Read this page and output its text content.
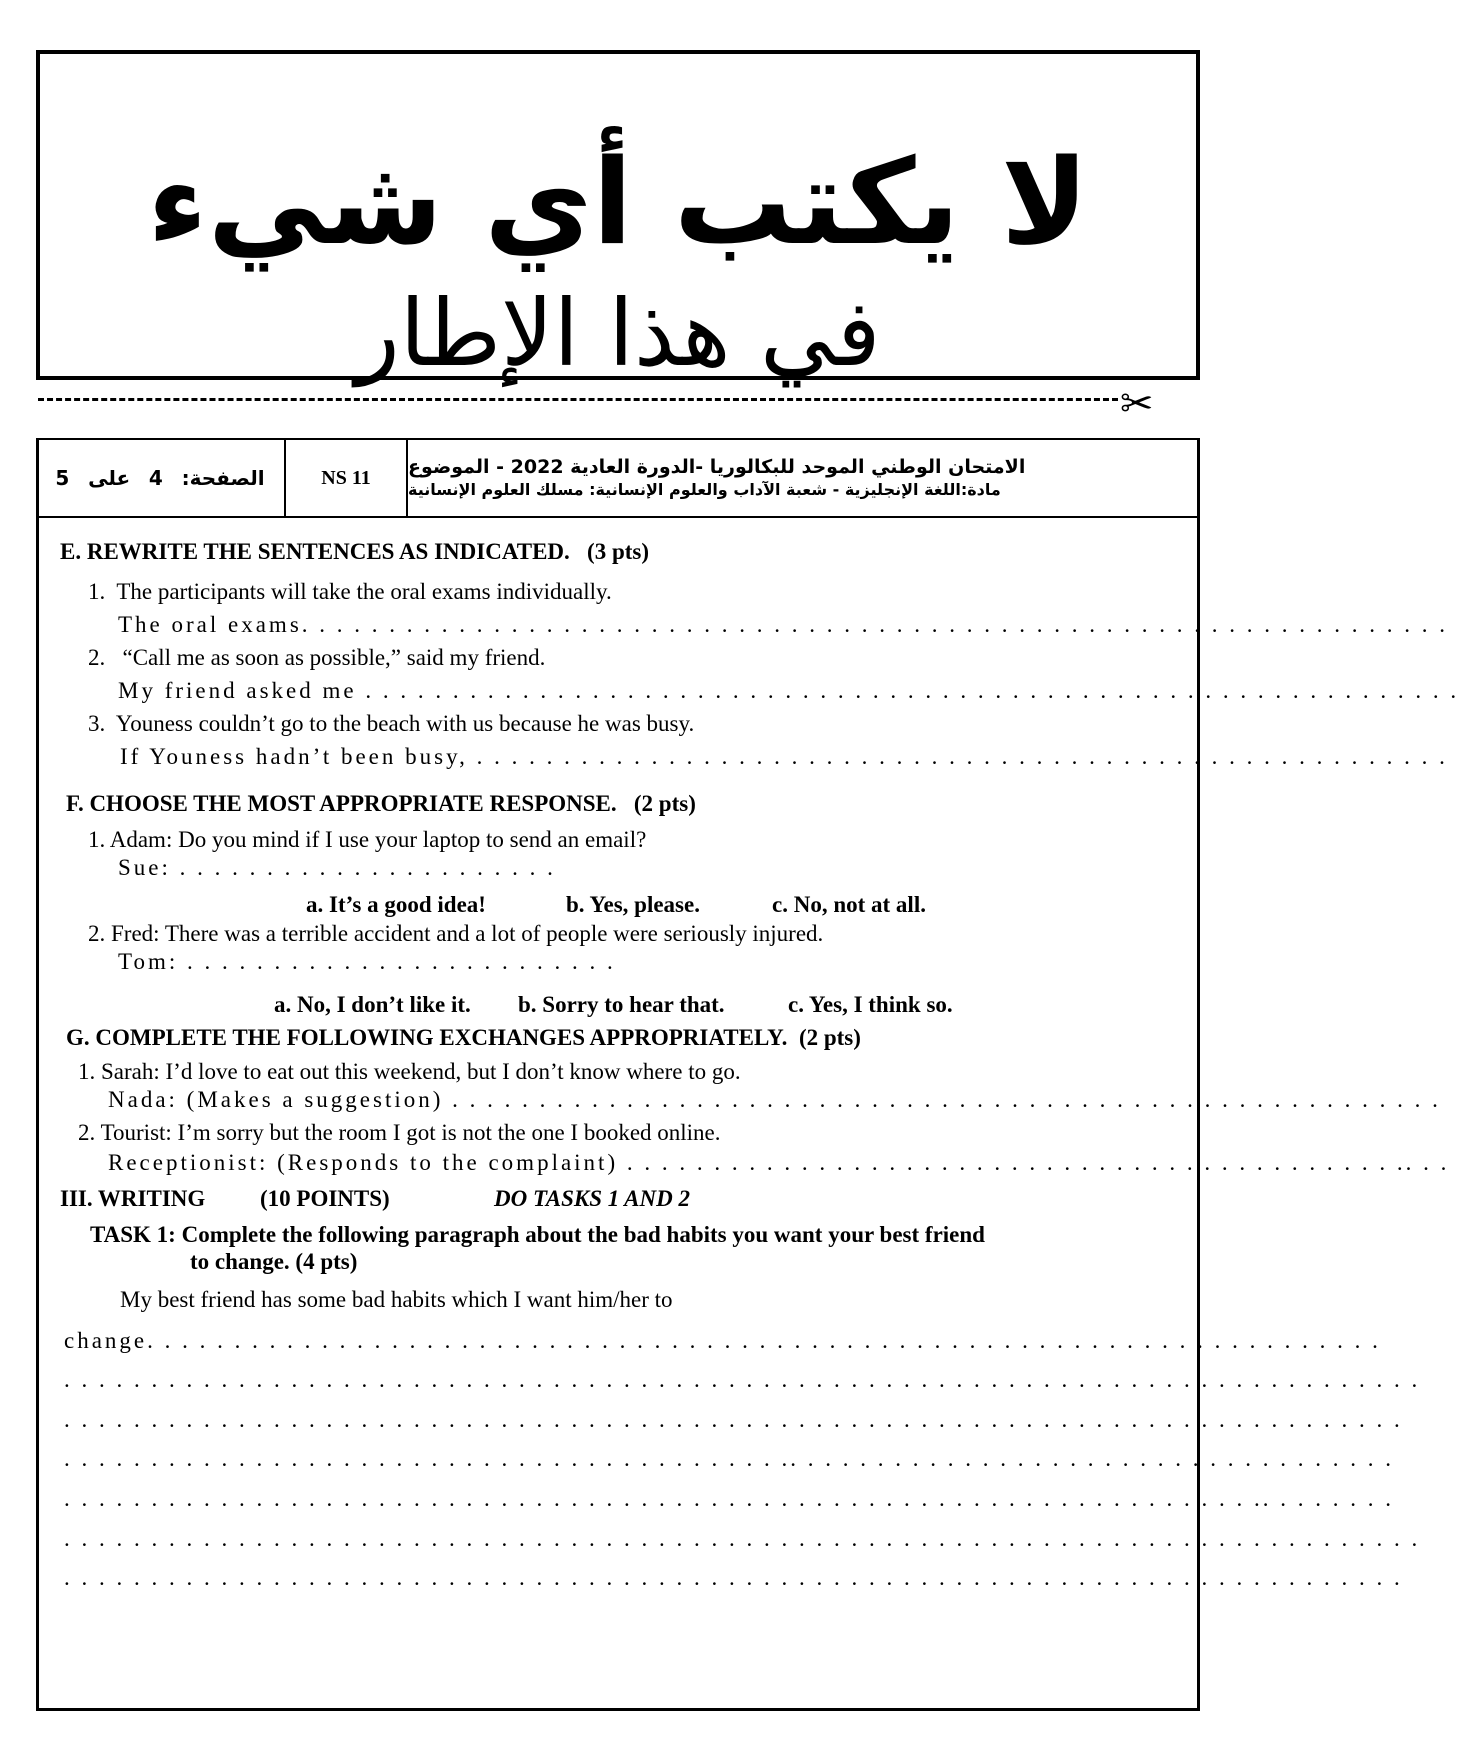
لا يكتب أي شيء
في هذا الإطار
✂
الصفحة:
4
على
5	NS 11	الامتحان الوطني الموحد للبكالوريا -الدورة العادية 2022 - الموضوع
مادة:اللغة الإنجليزية - شعبة الآداب والعلوم الإنسانية: مسلك العلوم الإنسانية
E. REWRITE THE SENTENCES AS INDICATED. (3 pts)
1. The participants will take the oral exams individually.
The oral exams. . . . . . . . . . . . . . . . . . . . . . . . . . . . . . . . . . . . . . . . . . . . . . . . . . . . . . . . . . . . . . . . . .
2. “Call me as soon as possible,” said my friend.
My friend asked me . . . . . . . . . . . . . . . . . . . . . . . . . . . . . . . . . . . . . . . . . . . . . . . . . . . . . . . . . . . . . . .
3. Youness couldn’t go to the beach with us because he was busy.
If Youness hadn’t been busy, . . . . . . . . . . . . . . . . . . . . . . . . . . . . . . . . . . . . . . . . . . . . . . . . . . . . . . . .
F. CHOOSE THE MOST APPROPRIATE RESPONSE. (2 pts)
1. Adam: Do you mind if I use your laptop to send an email?
Sue: . . . . . . . . . . . . . . . . . . . . . .
a. It’s a good idea!	b. Yes, please.	c. No, not at all.
2. Fred: There was a terrible accident and a lot of people were seriously injured.
Tom: . . . . . . . . . . . . . . . . . . . . . . . . .
a. No, I don’t like it. b. Sorry to hear that.	c. Yes, I think so.
G. COMPLETE THE FOLLOWING EXCHANGES APPROPRIATELY. (2 pts)
1. Sarah: I’d love to eat out this weekend, but I don’t know where to go.
Nada: (Makes a suggestion) . . . . . . . . . . . . . . . . . . . . . . . . . . . . . . . . . . . . . . . . . . . . . . . . . . . . . . . . .
2. Tourist: I’m sorry but the room I got is not the one I booked online.
Receptionist: (Responds to the complaint) . . . . . . . . . . . . . . . . . . . . . . . . . . . . . . . . . . . . . . . . . . . . .. . .
III. WRITING (10 POINTS)	DO TASKS 1 AND 2
TASK 1: Complete the following paragraph about the bad habits you want your best friend
to change. (4 pts)
My best friend has some bad habits which I want him/her to
change. . . . . . . . . . . . . . . . . . . . . . . . . . . . . . . . . . . . . . . . . . . . . . . . . . . . . . . . . . . . . . . . . . . . . . .
. . . . . . . . . . . . . . . . . . . . . . . . . . . . . . . . . . . . . . . . . . . . . . . . . . . . . . . . . . . . . . . . . . . . . . . . . . . . . .
. . . . . . . . . . . . . . . . . . . . . . . . . . . . . . . . . . . . . . . . . . . . . . . . . . . . . . . . . . . . . . . . . . . . . . . . . . . . .
. . . . . . . . . . . . . . . . . . . . . . . . . . . . . . . . . . . . . . . . . .. . . . . . . . . . . . . . . . . . . . . . . . . . . . . . . . . . .
. . . . . . . . . . . . . . . . . . . . . . . . . . . . . . . . . . . . . . . . . . . . . . . . . . . . . . . . . . . . . . . . . . . . .. . . . . . . .
. . . . . . . . . . . . . . . . . . . . . . . . . . . . . . . . . . . . . . . . . . . . . . . . . . . . . . . . . . . . . . . . . . . . . . . . . . . . . .
. . . . . . . . . . . . . . . . . . . . . . . . . . . . . . . . . . . . . . . . . . . . . . . . . . . . . . . . . . . . . . . . . . . . . . . . . . . . .
